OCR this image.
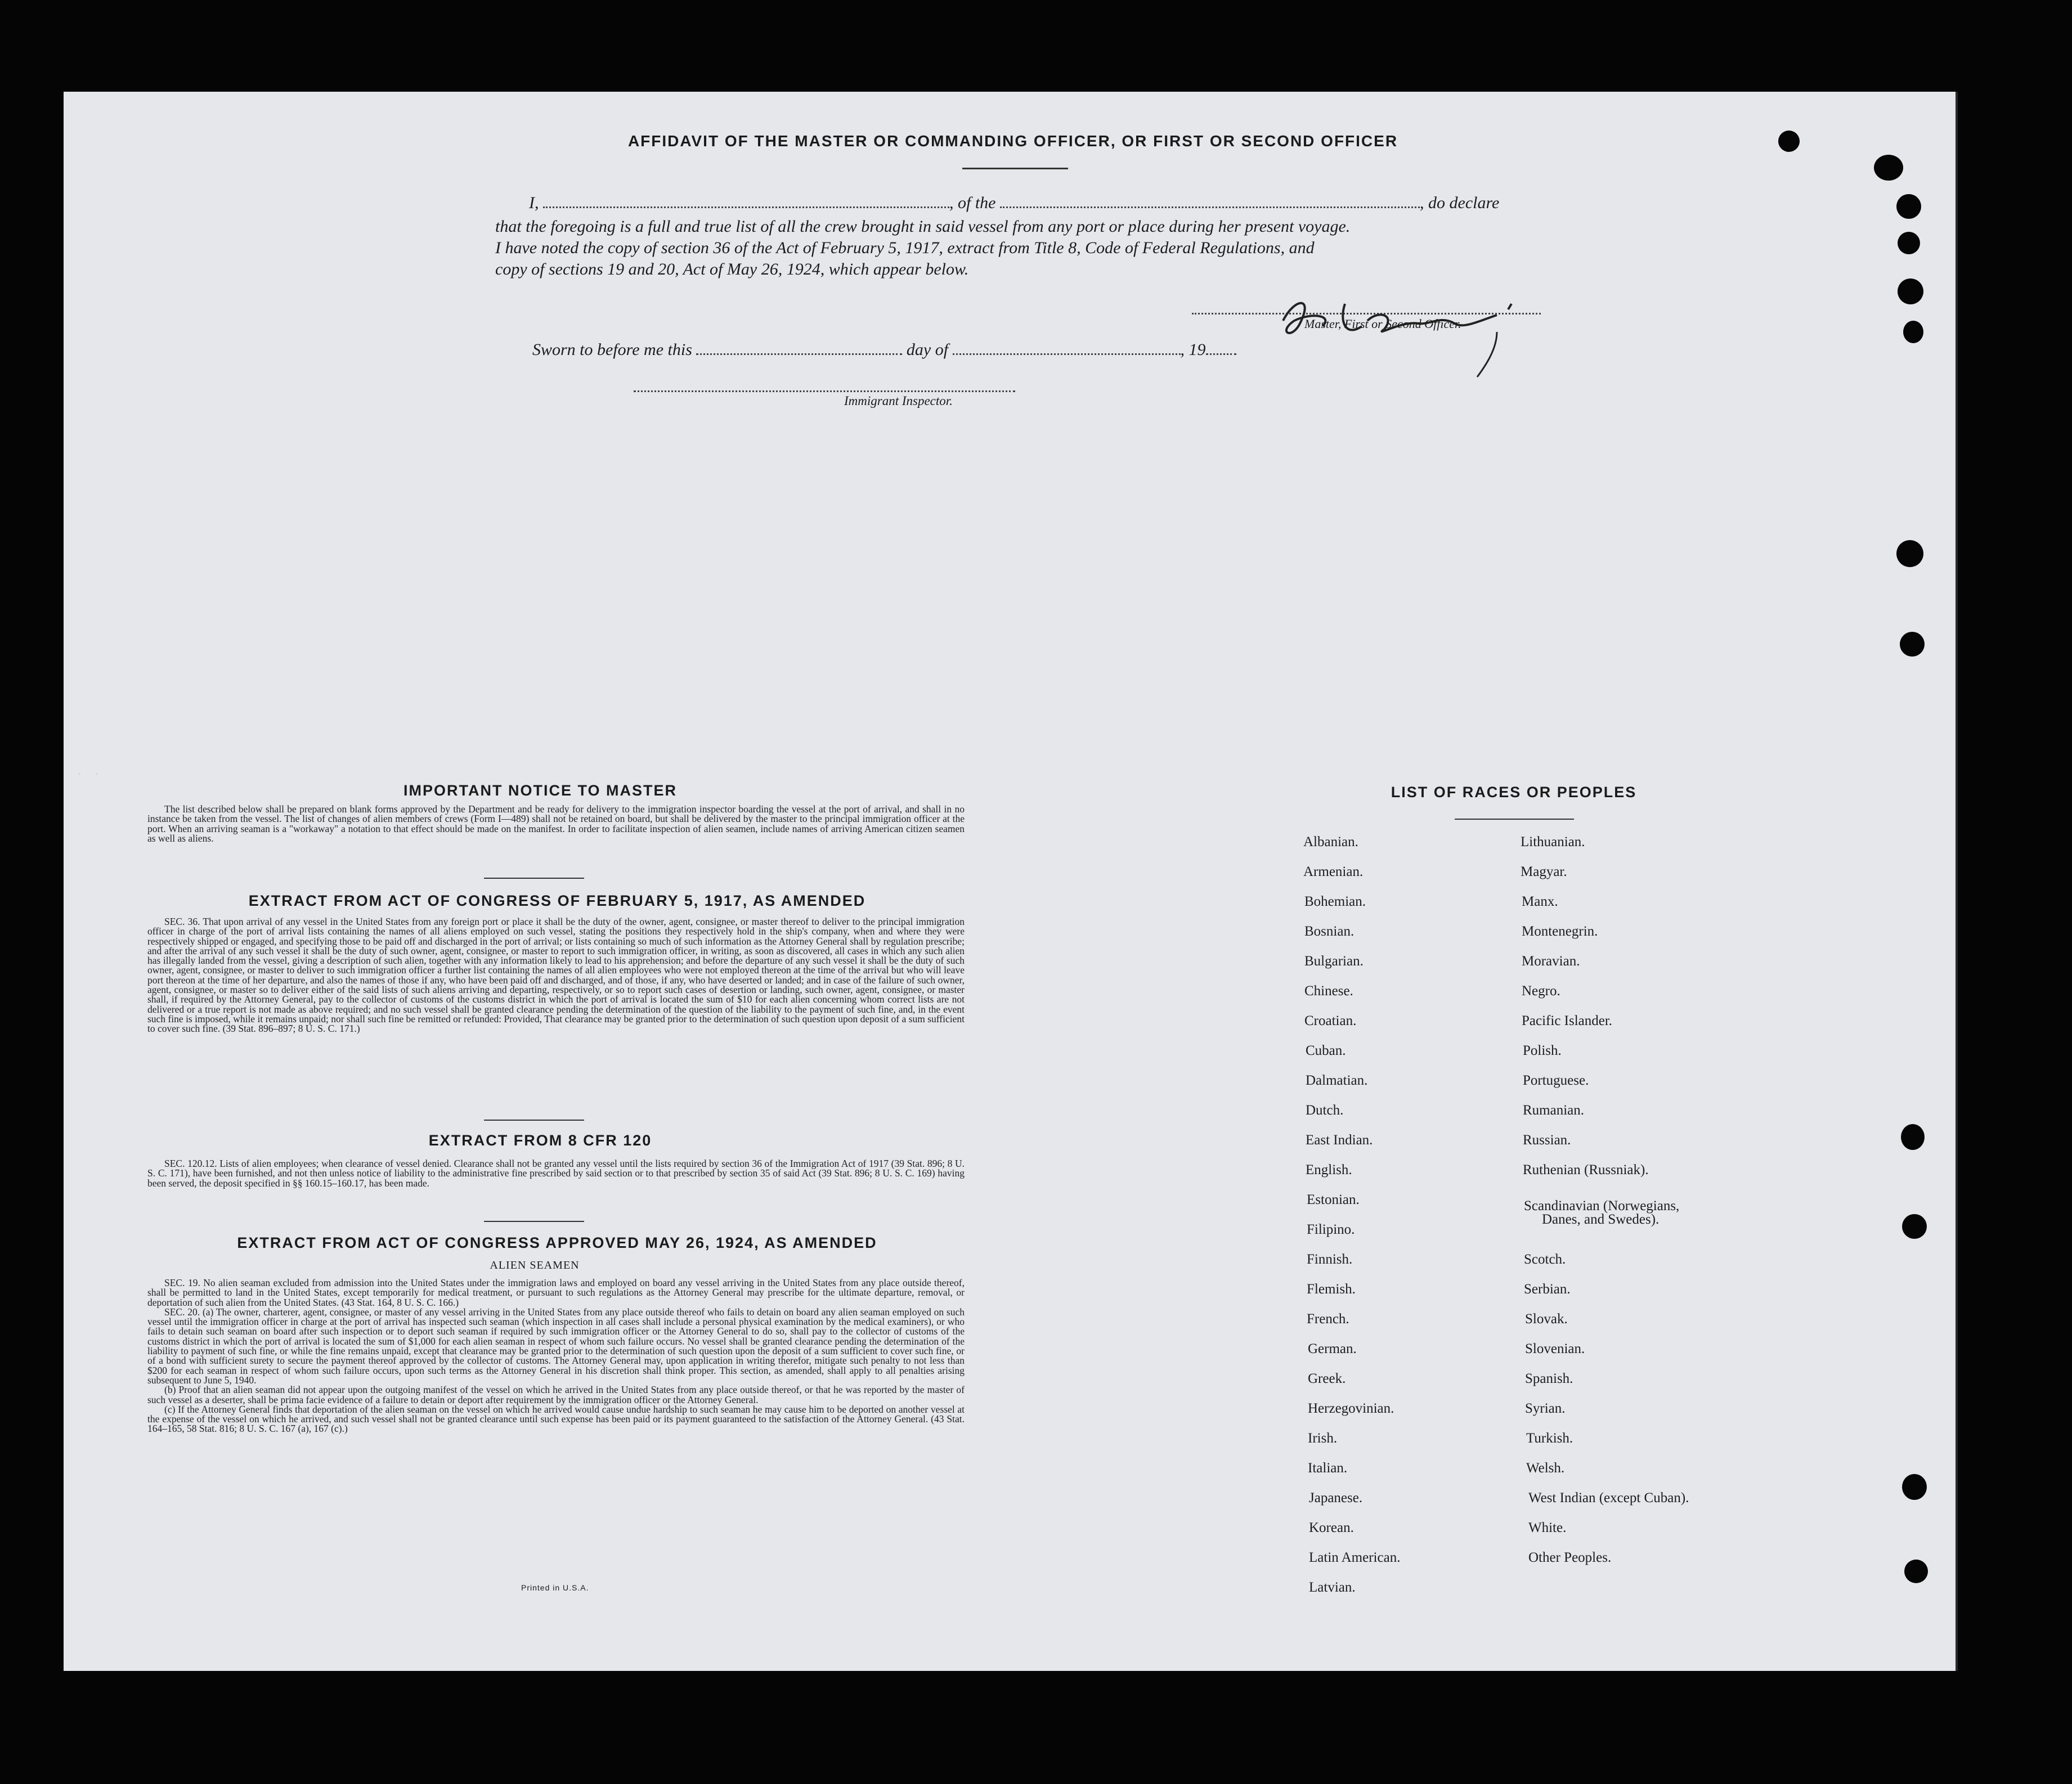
. .
AFFIDAVIT OF THE MASTER OR COMMANDING OFFICER, OR FIRST OR SECOND OFFICER
I,	, of the	, do declare
that the foregoing is a full and true list of all the crew brought in said vessel from any port or place during her present voyage.
I have noted the copy of section 36 of the Act of February 5, 1917, extract from Title 8, Code of Federal Regulations, and
copy of sections 19 and 20, Act of May 26, 1924, which appear below.
Master, First or Second Officer.
Sworn to before me this	day of	, 19
Immigrant Inspector.
IMPORTANT NOTICE TO MASTER

The list described below shall be prepared on blank forms approved by the Department and be ready for delivery to the immigration inspector boarding the vessel at the port of arrival, and shall in no instance be taken from the vessel. The list of changes of alien members of crews (Form I—489) shall not be retained on board, but shall be delivered by the master to the principal immigration officer at the port. When an arriving seaman is a "workaway" a notation to that effect should be made on the manifest. In order to facilitate inspection of alien seamen, include names of arriving American citizen seamen as well as aliens.

EXTRACT FROM ACT OF CONGRESS OF FEBRUARY 5, 1917, AS AMENDED

SEC. 36. That upon arrival of any vessel in the United States from any foreign port or place it shall be the duty of the owner, agent, consignee, or master thereof to deliver to the principal immigration officer in charge of the port of arrival lists containing the names of all aliens employed on such vessel, stating the positions they respectively hold in the ship's company, when and where they were respectively shipped or engaged, and specifying those to be paid off and discharged in the port of arrival; or lists containing so much of such information as the Attorney General shall by regulation prescribe; and after the arrival of any such vessel it shall be the duty of such owner, agent, consignee, or master to report to such immigration officer, in writing, as soon as discovered, all cases in which any such alien has illegally landed from the vessel, giving a description of such alien, together with any information likely to lead to his apprehension; and before the departure of any such vessel it shall be the duty of such owner, agent, consignee, or master to deliver to such immigration officer a further list containing the names of all alien employees who were not employed thereon at the time of the arrival but who will leave port thereon at the time of her departure, and also the names of those if any, who have been paid off and discharged, and of those, if any, who have deserted or landed; and in case of the failure of such owner, agent, consignee, or master so to deliver either of the said lists of such aliens arriving and departing, respectively, or so to report such cases of desertion or landing, such owner, agent, consignee, or master shall, if required by the Attorney General, pay to the collector of customs of the customs district in which the port of arrival is located the sum of $10 for each alien concerning whom correct lists are not delivered or a true report is not made as above required; and no such vessel shall be granted clearance pending the determination of the question of the liability to the payment of such fine, and, in the event such fine is imposed, while it remains unpaid; nor shall such fine be remitted or refunded: Provided, That clearance may be granted prior to the determination of such question upon deposit of a sum sufficient to cover such fine. (39 Stat. 896–897; 8 U. S. C. 171.)

EXTRACT FROM 8 CFR 120

SEC. 120.12. Lists of alien employees; when clearance of vessel denied. Clearance shall not be granted any vessel until the lists required by section 36 of the Immigration Act of 1917 (39 Stat. 896; 8 U. S. C. 171), have been furnished, and not then unless notice of liability to the administrative fine prescribed by said section or to that prescribed by section 35 of said Act (39 Stat. 896; 8 U. S. C. 169) having been served, the deposit specified in §§ 160.15–160.17, has been made.

EXTRACT FROM ACT OF CONGRESS APPROVED MAY 26, 1924, AS AMENDED
ALIEN SEAMEN

SEC. 19. No alien seaman excluded from admission into the United States under the immigration laws and employed on board any vessel arriving in the United States from any place outside thereof, shall be permitted to land in the United States, except temporarily for medical treatment, or pursuant to such regulations as the Attorney General may prescribe for the ultimate departure, removal, or deportation of such alien from the United States. (43 Stat. 164, 8 U. S. C. 166.)

SEC. 20. (a) The owner, charterer, agent, consignee, or master of any vessel arriving in the United States from any place outside thereof who fails to detain on board any alien seaman employed on such vessel until the immigration officer in charge at the port of arrival has inspected such seaman (which inspection in all cases shall include a personal physical examination by the medical examiners), or who fails to detain such seaman on board after such inspection or to deport such seaman if required by such immigration officer or the Attorney General to do so, shall pay to the collector of customs of the customs district in which the port of arrival is located the sum of $1,000 for each alien seaman in respect of whom such failure occurs. No vessel shall be granted clearance pending the determination of the liability to payment of such fine, or while the fine remains unpaid, except that clearance may be granted prior to the determination of such question upon the deposit of a sum sufficient to cover such fine, or of a bond with sufficient surety to secure the payment thereof approved by the collector of customs. The Attorney General may, upon application in writing therefor, mitigate such penalty to not less than $200 for each seaman in respect of whom such failure occurs, upon such terms as the Attorney General in his discretion shall think proper. This section, as amended, shall apply to all penalties arising subsequent to June 5, 1940.

(b) Proof that an alien seaman did not appear upon the outgoing manifest of the vessel on which he arrived in the United States from any place outside thereof, or that he was reported by the master of such vessel as a deserter, shall be prima facie evidence of a failure to detain or deport after requirement by the immigration officer or the Attorney General.

(c) If the Attorney General finds that deportation of the alien seaman on the vessel on which he arrived would cause undue hardship to such seaman he may cause him to be deported on another vessel at the expense of the vessel on which he arrived, and such vessel shall not be granted clearance until such expense has been paid or its payment guaranteed to the satisfaction of the Attorney General. (43 Stat. 164–165, 58 Stat. 816; 8 U. S. C. 167 (a), 167 (c).)

Printed in U.S.A.
LIST OF RACES OR PEOPLES
Albanian.
Armenian.
Bohemian.
Bosnian.
Bulgarian.
Chinese.
Croatian.
Cuban.
Dalmatian.
Dutch.
East Indian.
English.
Estonian.
Filipino.
Finnish.
Flemish.
French.
German.
Greek.
Herzegovinian.
Irish.
Italian.
Japanese.
Korean.
Latin American.
Latvian.
Lithuanian.
Magyar.
Manx.
Montenegrin.
Moravian.
Negro.
Pacific Islander.
Polish.
Portuguese.
Rumanian.
Russian.
Ruthenian (Russniak).
Scandinavian (Norwegians,
Danes, and Swedes).
Scotch.
Serbian.
Slovak.
Slovenian.
Spanish.
Syrian.
Turkish.
Welsh.
West Indian (except Cuban).
White.
Other Peoples.
